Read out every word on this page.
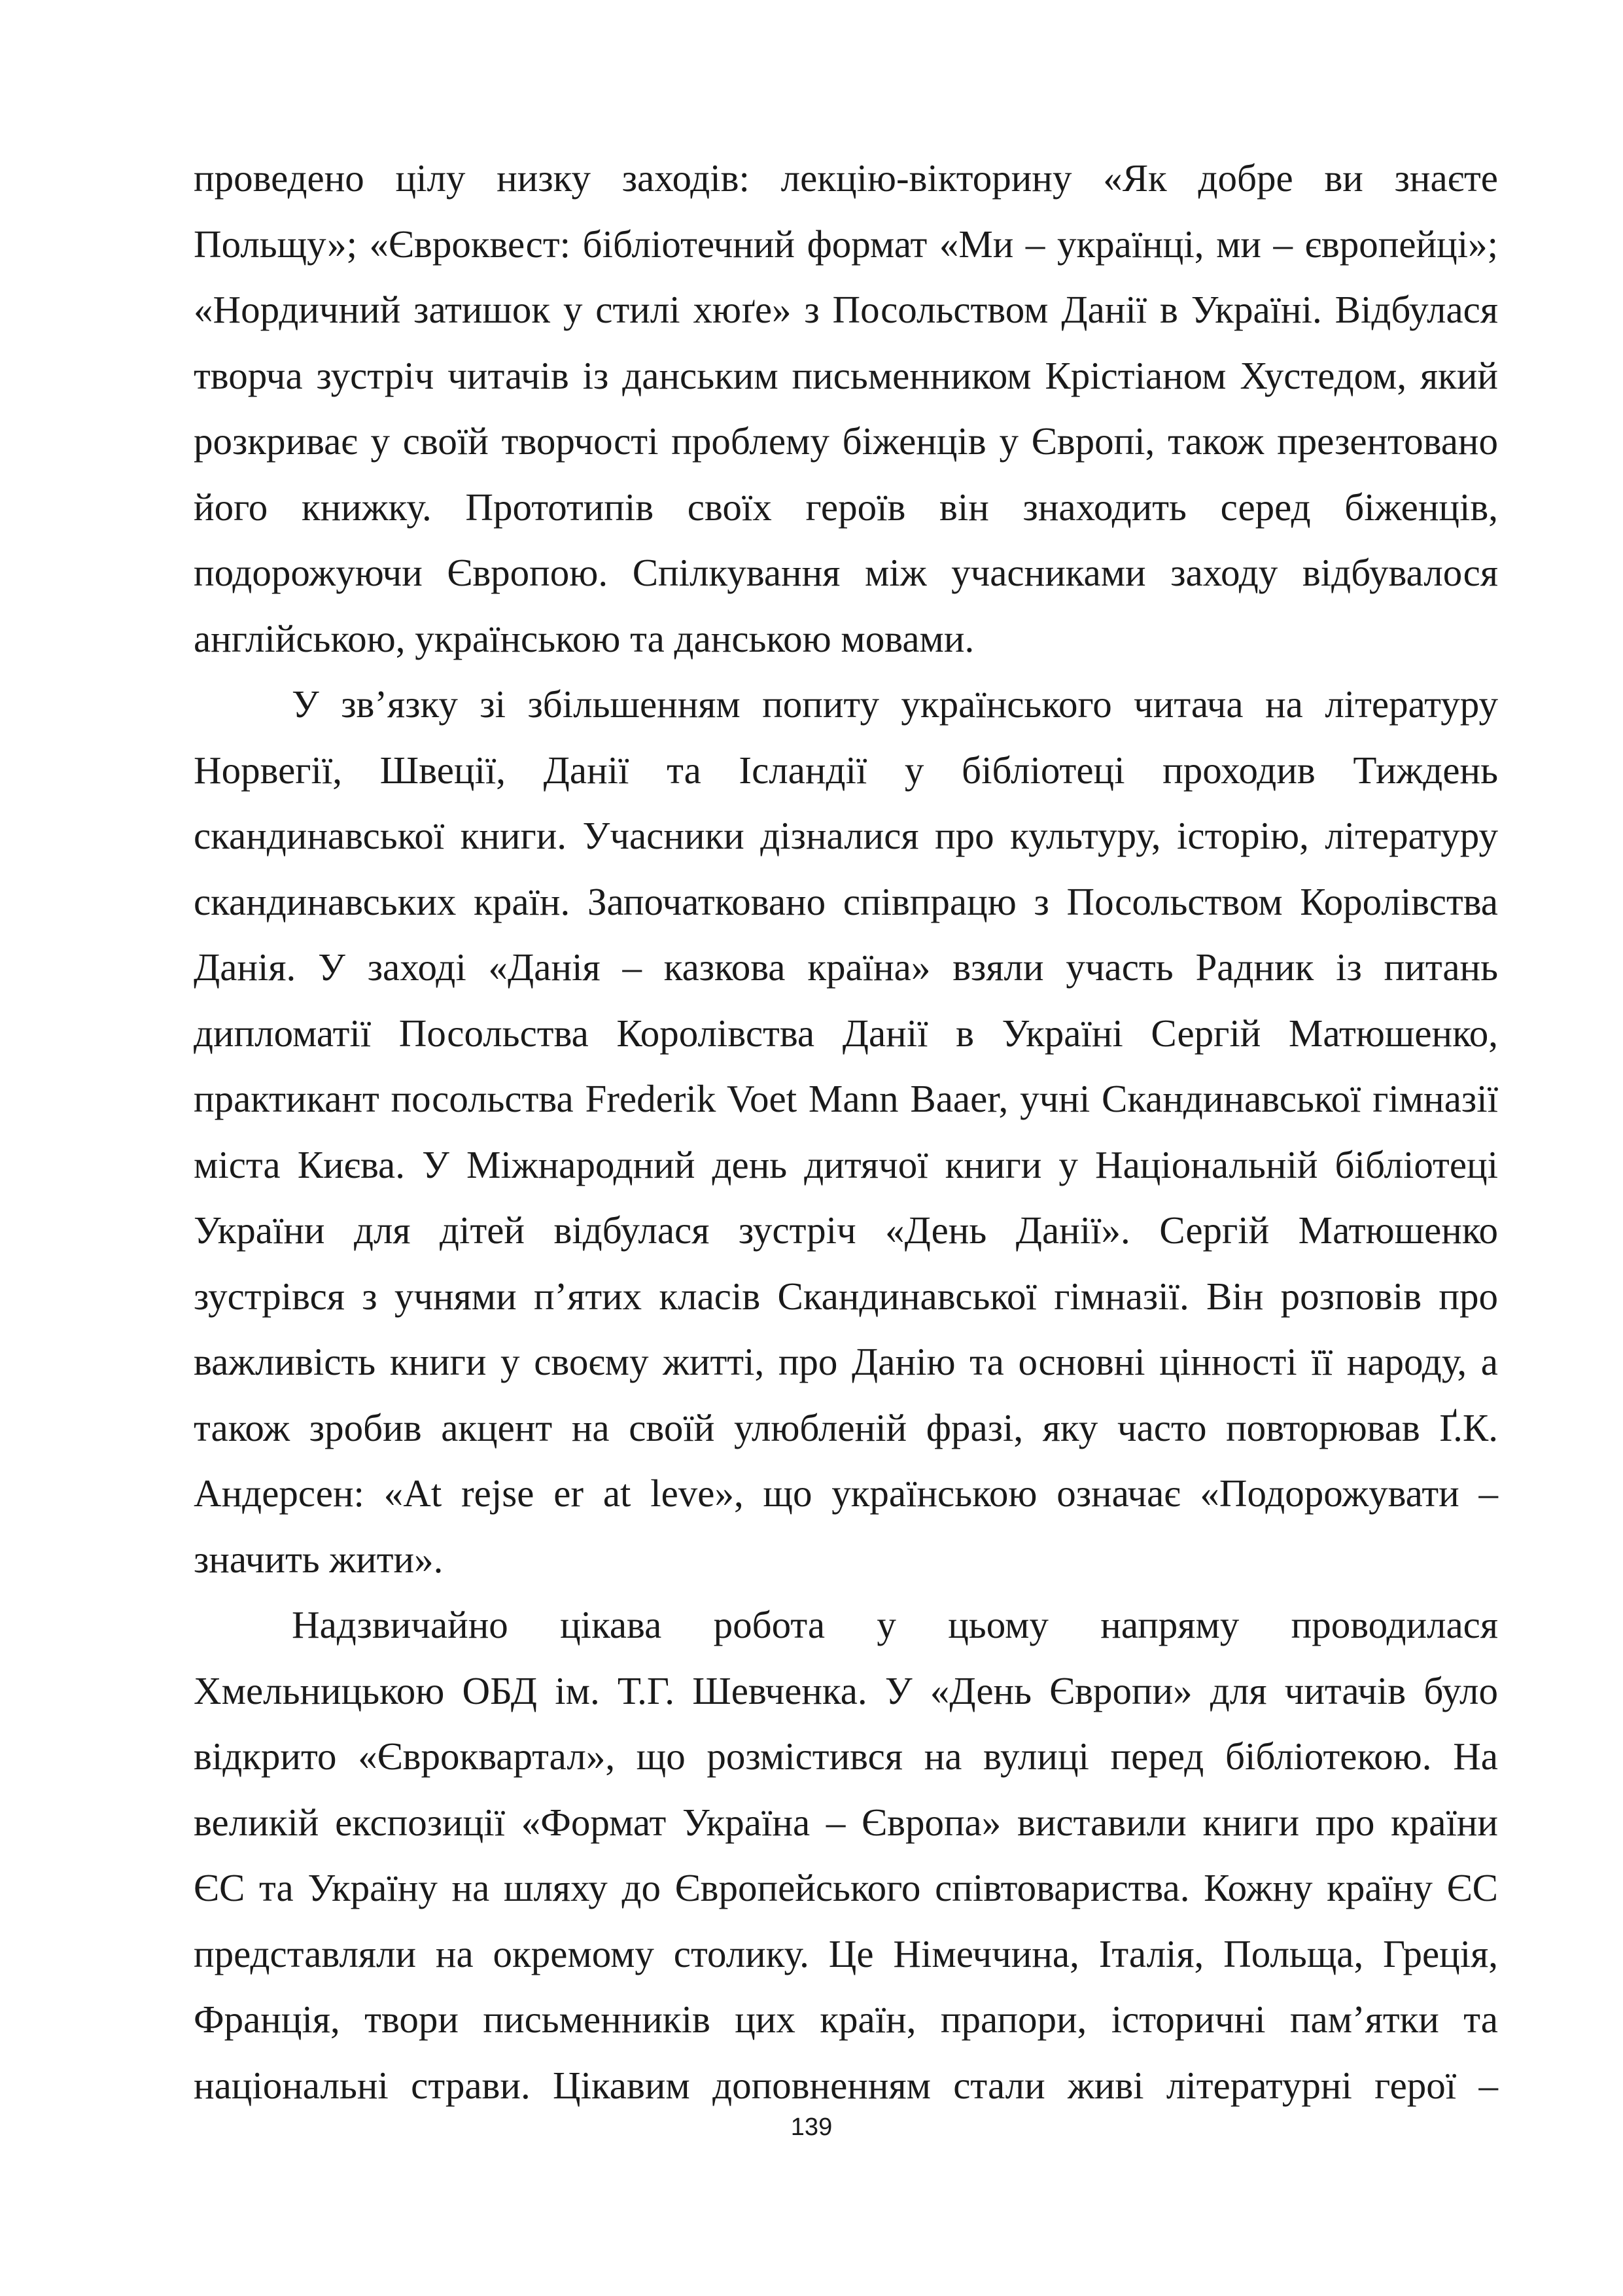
проведено цілу низку заходів: лекцію-вікторину «Як добре ви знаєте Польщу»; «Євроквест: бібліотечний формат «Ми – українці, ми – європейці»; «Нордичний затишок у стилі хюґе» з Посольством Данії в Україні. Відбулася творча зустріч читачів із данським письменником Крістіаном Хустедом, який розкриває у своїй творчості проблему біженців у Європі, також презентовано його книжку. Прототипів своїх героїв він знаходить серед біженців, подорожуючи Європою. Спілкування між учасниками заходу відбувалося англійською, українською та данською мовами.

У зв’язку зі збільшенням попиту українського читача на літературу Норвегії, Швеції, Данії та Ісландії у бібліотеці проходив Тиждень скандинавської книги. Учасники дізналися про культуру, історію, літературу скандинавських країн. Започатковано співпрацю з Посольством Королівства Данія. У заході «Данія – казкова країна» взяли участь Радник із питань дипломатії Посольства Королівства Данії в Україні Сергій Матюшенко, практикант посольства Frederik Voet Mann Baaer, учні Скандинавської гімназії міста Києва. У Міжнародний день дитячої книги у Національній бібліотеці України для дітей відбулася зустріч «День Данії». Сергій Матюшенко зустрівся з учнями п’ятих класів Скандинавської гімназії. Він розповів про важливість книги у своєму житті, про Данію та основні цінності її народу, а також зробив акцент на своїй улюбленій фразі, яку часто повторював Ґ.К. Андерсен: «At rejse er at leve», що українською означає «Подорожувати – значить жити».

Надзвичайно цікава робота у цьому напряму проводилася Хмельницькою ОБД ім. Т.Г. Шевченка. У «День Європи» для читачів було відкрито «Євроквартал», що розмістився на вулиці перед бібліотекою. На великій експозиції «Формат Україна – Європа» виставили книги про країни ЄС та Україну на шляху до Європейського співтовариства. Кожну країну ЄС представляли на окремому столику. Це Німеччина, Італія, Польща, Греція, Франція, твори письменників цих країн, прапори, історичні пам’ятки та національні страви. Цікавим доповненням стали живі літературні герої –

139
